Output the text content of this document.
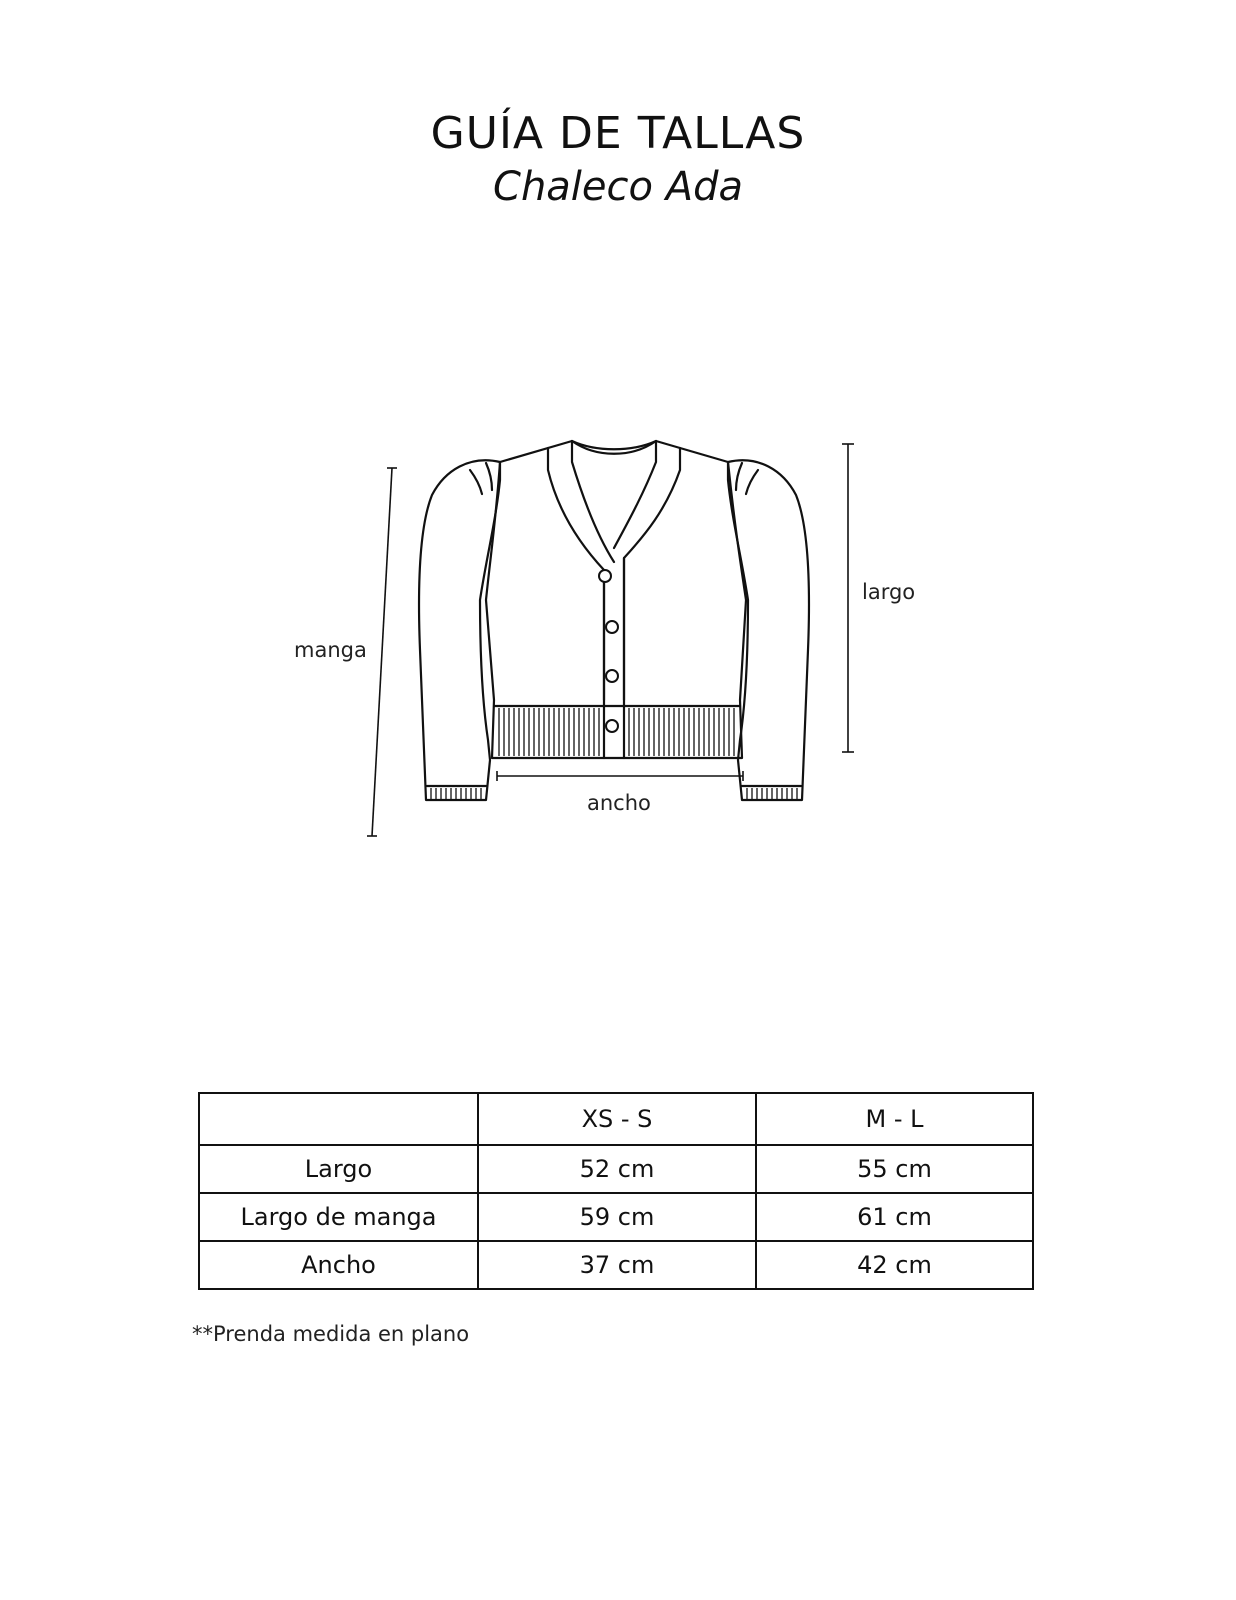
GUÍA DE TALLAS
Chaleco Ada
manga
largo
ancho
	XS - S	M - L
Largo	52 cm	55 cm
Largo de manga	59 cm	61 cm
Ancho	37 cm	42 cm
**Prenda medida en plano
